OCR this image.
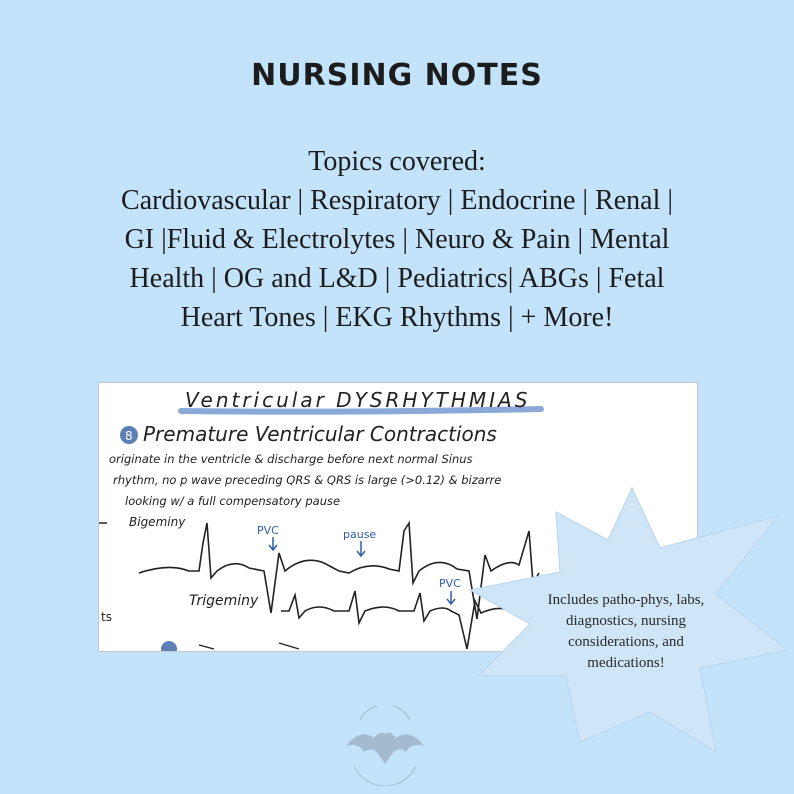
NURSING NOTES
Topics covered:
Cardiovascular | Respiratory | Endocrine | Renal |
GI |Fluid & Electrolytes | Neuro & Pain | Mental
Health | OG and L&D | Pediatrics| ABGs | Fetal
Heart Tones | EKG Rhythms | + More!
Ventricular DYSRHYTHMIAS
8 Premature Ventricular Contractions
originate in the ventricle & discharge before next normal Sinus
rhythm, no p wave preceding QRS & QRS is large (>0.12) & bizarre
looking w/ a full compensatory pause
Bigeminy
PVC	pause
Trigeminy
PVC
ts
Includes patho-phys, labs,
diagnostics, nursing
considerations, and
medications!
